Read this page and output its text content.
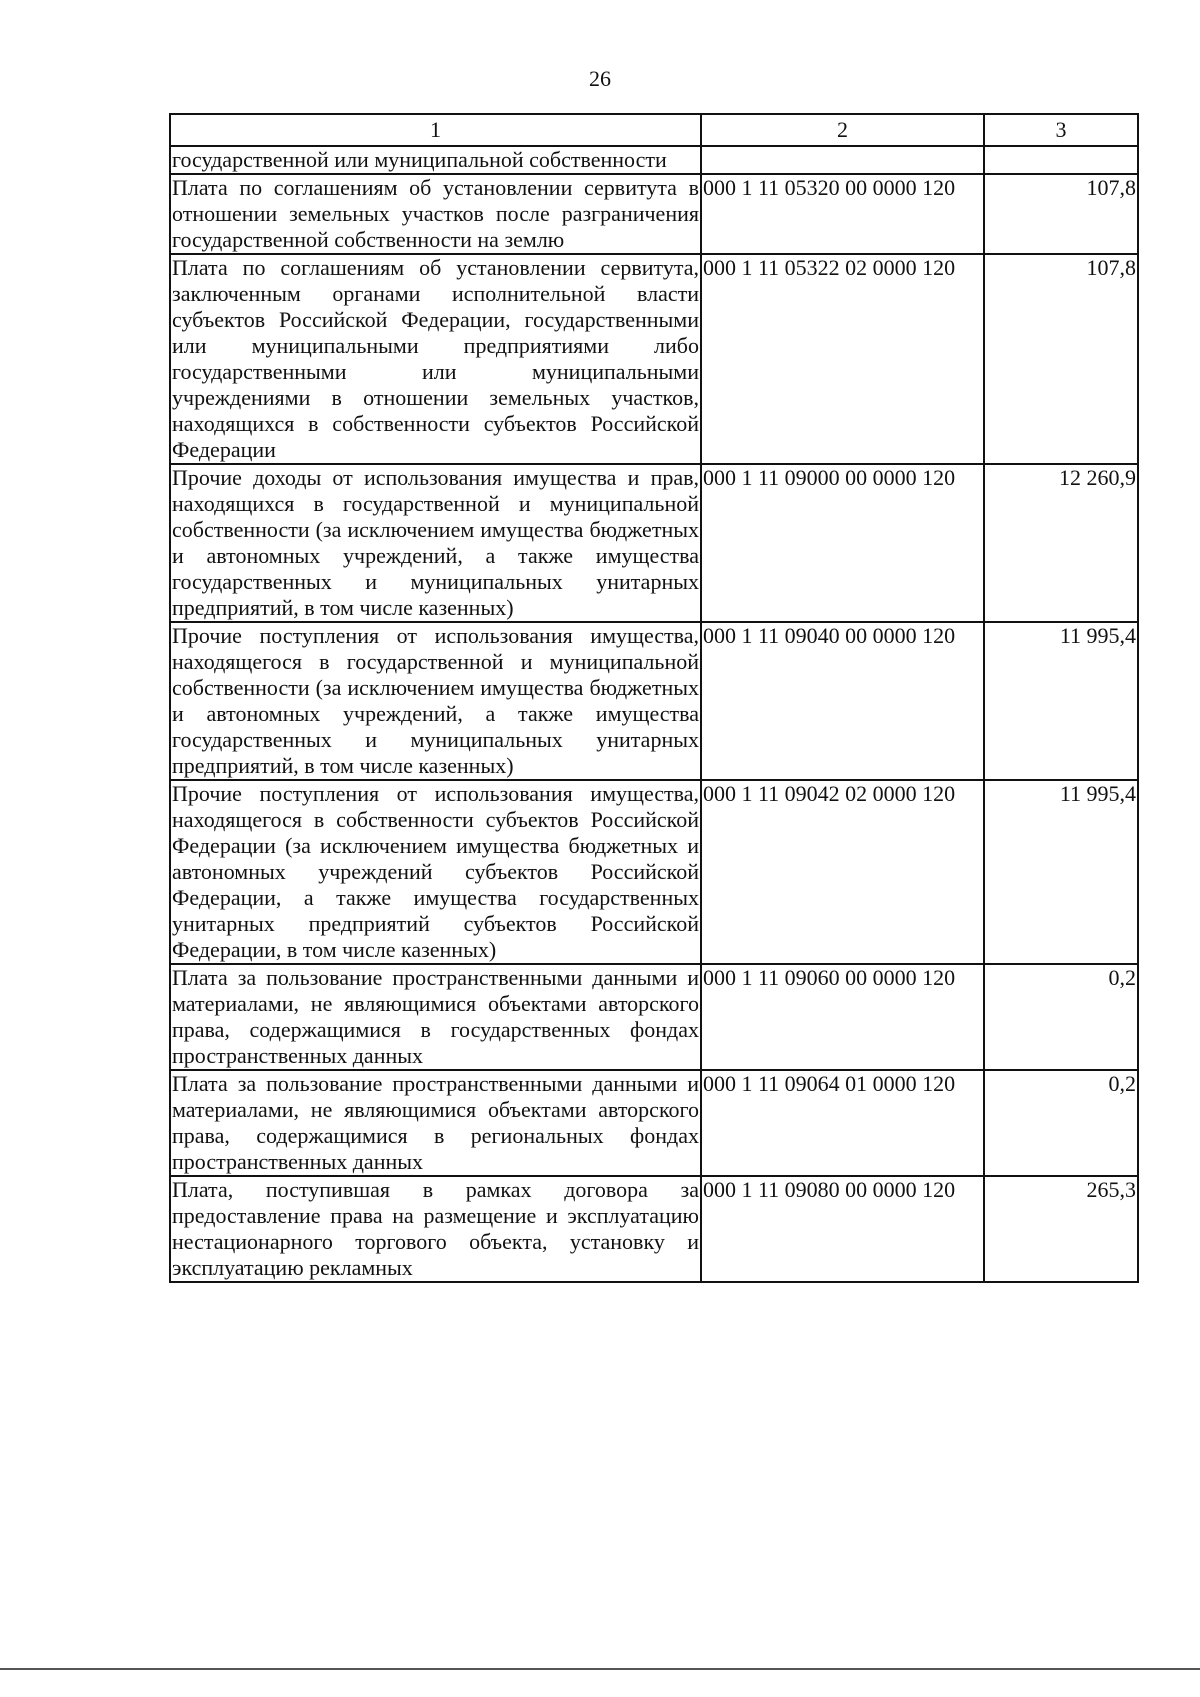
26
1	2	3
государственной или муниципальной собственности		
Плата по соглашениям об установлении сервитута в отношении земельных участков после разграничения государственной собственности на землю	000 1 11 05320 00 0000 120	107,8
Плата по соглашениям об установлении сервитута, заключенным органами исполнительной власти субъектов Российской Федерации, государственными или муниципальными предприятиями либо государственными или муниципальными учреждениями в отношении земельных участков, находящихся в собственности субъектов Российской Федерации	000 1 11 05322 02 0000 120	107,8
Прочие доходы от использования имущества и прав, находящихся в государственной и муниципальной собственности (за исключением имущества бюджетных и автономных учреждений, а также имущества государственных и муниципальных унитарных предприятий, в том числе казенных)	000 1 11 09000 00 0000 120	12 260,9
Прочие поступления от использования имущества, находящегося в государственной и муниципальной собственности (за исключением имущества бюджетных и автономных учреждений, а также имущества государственных и муниципальных унитарных предприятий, в том числе казенных)	000 1 11 09040 00 0000 120	11 995,4
Прочие поступления от использования имущества, находящегося в собственности субъектов Российской Федерации (за исключением имущества бюджетных и автономных учреждений субъектов Российской Федерации, а также имущества государственных унитарных предприятий субъектов Российской Федерации, в том числе казенных)	000 1 11 09042 02 0000 120	11 995,4
Плата за пользование пространственными данными и материалами, не являющимися объектами авторского права, содержащимися в государственных фондах пространственных данных	000 1 11 09060 00 0000 120	0,2
Плата за пользование пространственными данными и материалами, не являющимися объектами авторского права, содержащимися в региональных фондах пространственных данных	000 1 11 09064 01 0000 120	0,2
Плата, поступившая в рамках договора за предоставление права на размещение и эксплуатацию нестационарного торгового объекта, установку и эксплуатацию рекламных	000 1 11 09080 00 0000 120	265,3
